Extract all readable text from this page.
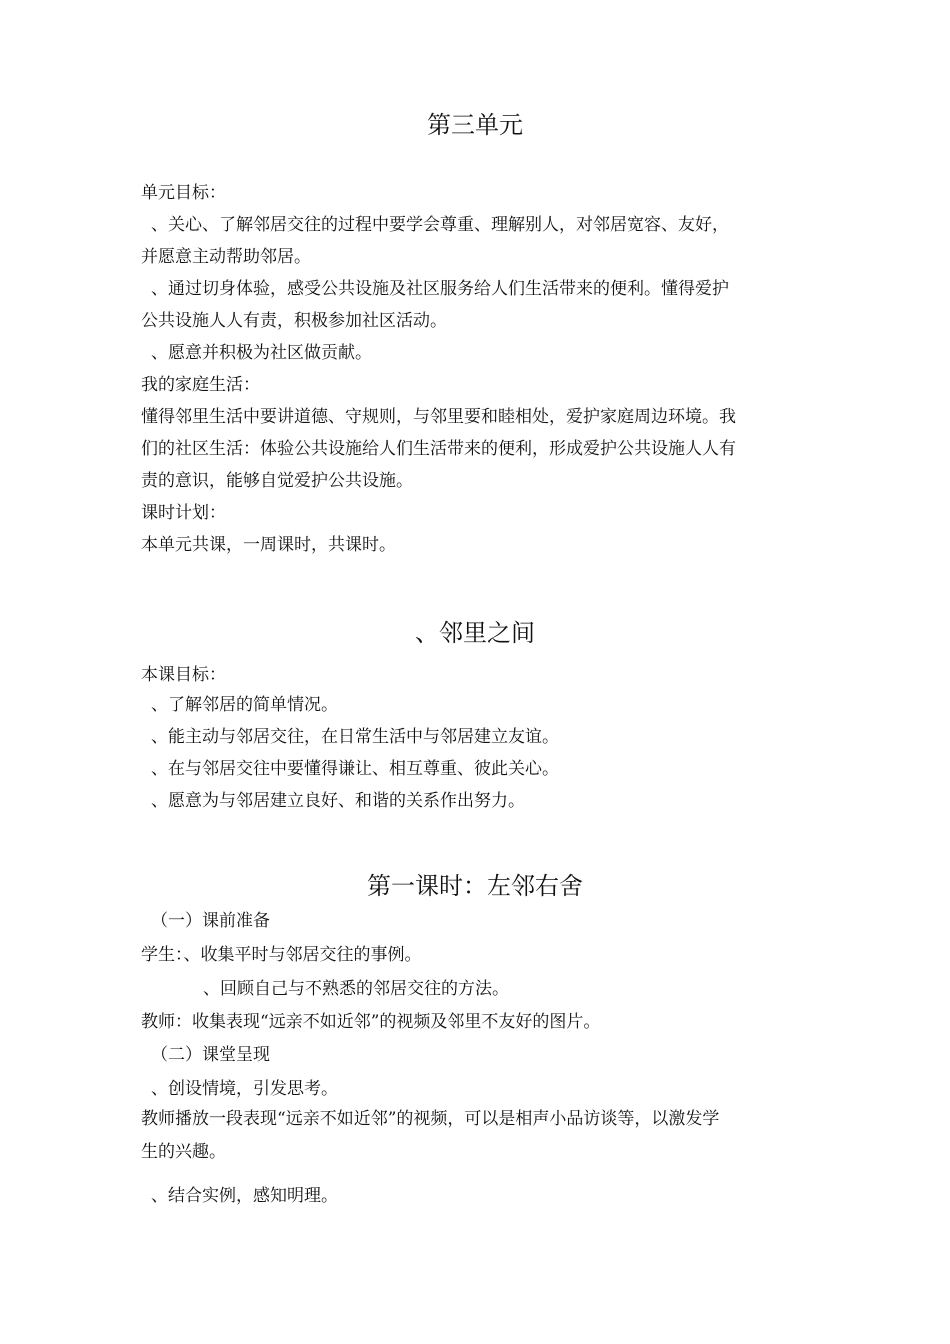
第三单元
单元目标：
、关心、了解邻居交往的过程中要学会尊重、理解别人，对邻居宽容、友好，
并愿意主动帮助邻居。
、通过切身体验，感受公共设施及社区服务给人们生活带来的便利。懂得爱护
公共设施人人有责，积极参加社区活动。
、愿意并积极为社区做贡献。
我的家庭生活：
懂得邻里生活中要讲道德、守规则，与邻里要和睦相处，爱护家庭周边环境。我
们的社区生活：体验公共设施给人们生活带来的便利，形成爱护公共设施人人有
责的意识，能够自觉爱护公共设施。
课时计划：
本单元共课，一周课时，共课时。
、邻里之间
本课目标：
、了解邻居的简单情况。
、能主动与邻居交往，在日常生活中与邻居建立友谊。
、在与邻居交往中要懂得谦让、相互尊重、彼此关心。
、愿意为与邻居建立良好、和谐的关系作出努力。
第一课时：左邻右舍
（一）课前准备
学生：、收集平时与邻居交往的事例。
、回顾自己与不熟悉的邻居交往的方法。
教师：收集表现“远亲不如近邻”的视频及邻里不友好的图片。
（二）课堂呈现
、创设情境，引发思考。
教师播放一段表现“远亲不如近邻”的视频，可以是相声小品访谈等，以激发学
生的兴趣。
、结合实例，感知明理。
